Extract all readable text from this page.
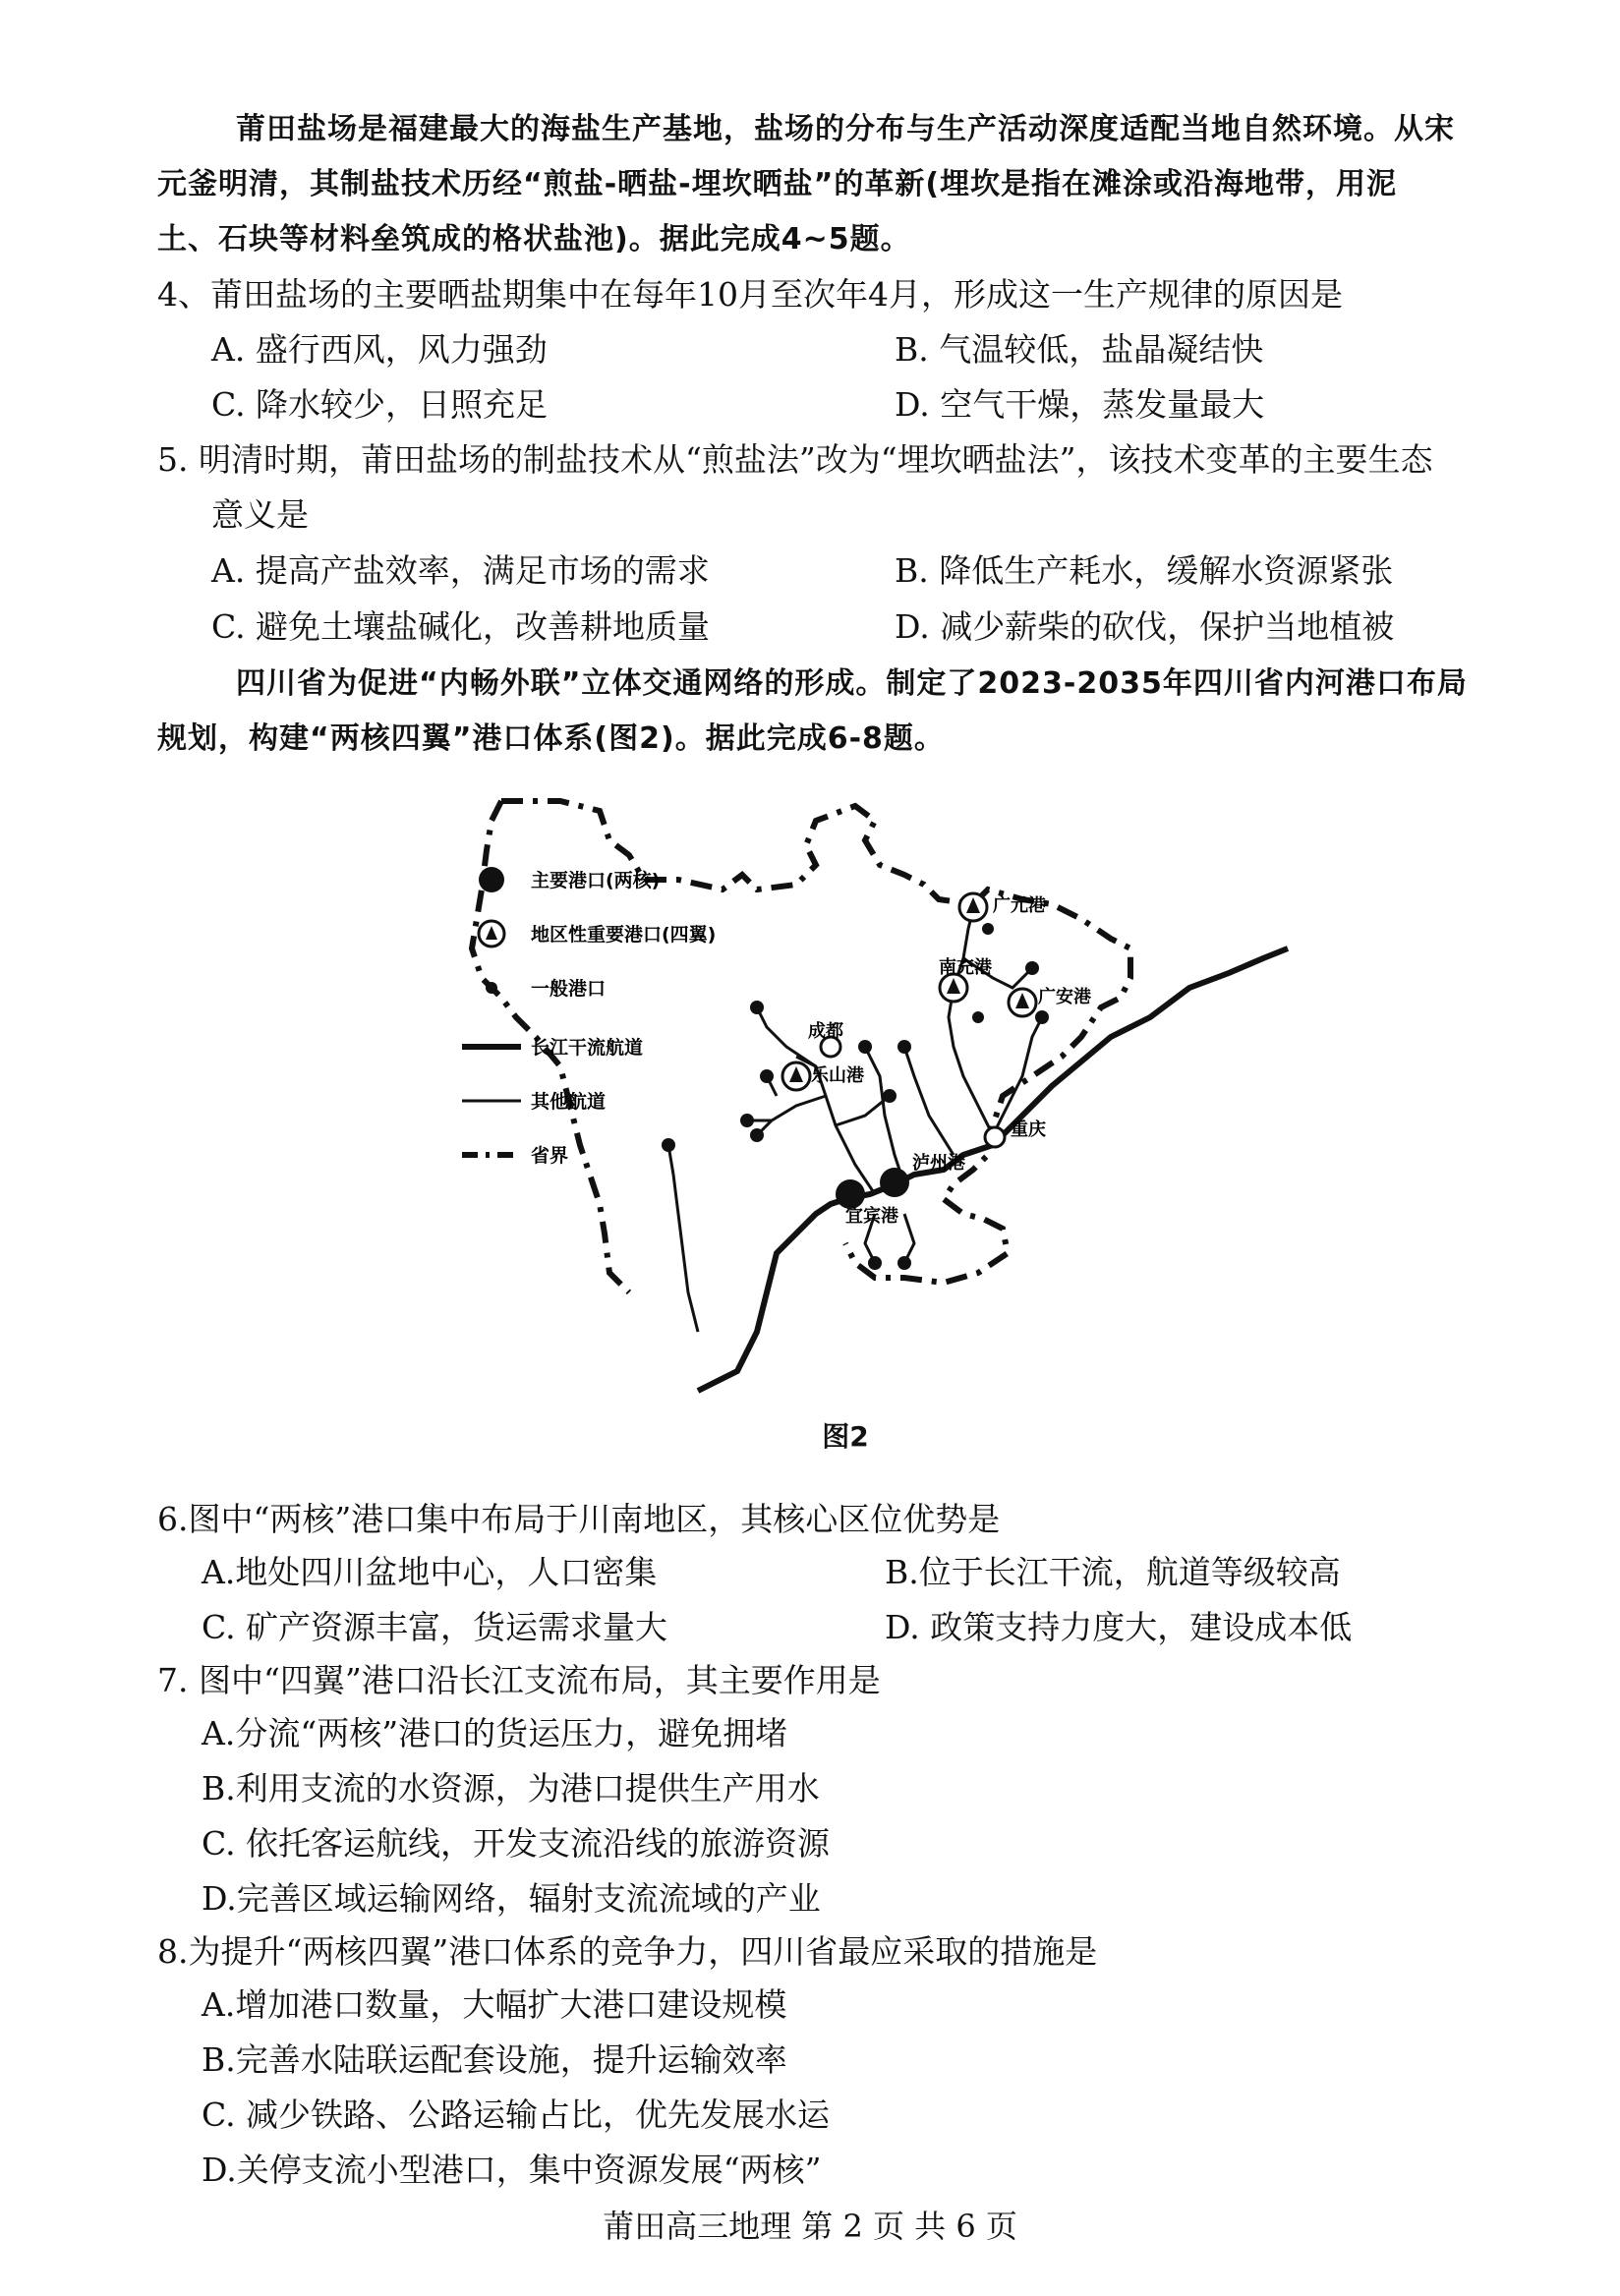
莆田盐场是福建最大的海盐生产基地，盐场的分布与生产活动深度适配当地自然环境。从宋
元釜明清，其制盐技术历经“煎盐-晒盐-埋坎晒盐”的革新(埋坎是指在滩涂或沿海地带，用泥
土、石块等材料垒筑成的格状盐池)。据此完成4~5题。
4、莆田盐场的主要晒盐期集中在每年10月至次年4月，形成这一生产规律的原因是
A. 盛行西风，风力强劲	B. 气温较低，盐晶凝结快
C. 降水较少，日照充足	D. 空气干燥，蒸发量最大
5. 明清时期，莆田盐场的制盐技术从“煎盐法”改为“埋坎晒盐法”，该技术变革的主要生态
意义是
A. 提高产盐效率，满足市场的需求	B. 降低生产耗水，缓解水资源紧张
C. 避免土壤盐碱化，改善耕地质量	D. 减少薪柴的砍伐，保护当地植被
四川省为促进“内畅外联”立体交通网络的形成。制定了2023-2035年四川省内河港口布局
规划，构建“两核四翼”港口体系(图2)。据此完成6-8题。
广元港
成都
南充港
广安港
乐山港
重庆
泸州港
宜宾港
主要港口(两核)
地区性重要港口(四翼)
一般港口
长江干流航道
其他航道
省界
图2
6.图中“两核”港口集中布局于川南地区，其核心区位优势是
A.地处四川盆地中心，人口密集	B.位于长江干流，航道等级较高
C. 矿产资源丰富，货运需求量大	D. 政策支持力度大，建设成本低
7. 图中“四翼”港口沿长江支流布局，其主要作用是
A.分流“两核”港口的货运压力，避免拥堵
B.利用支流的水资源，为港口提供生产用水
C. 依托客运航线，开发支流沿线的旅游资源
D.完善区域运输网络，辐射支流流域的产业
8.为提升“两核四翼”港口体系的竞争力，四川省最应采取的措施是
A.增加港口数量，大幅扩大港口建设规模
B.完善水陆联运配套设施，提升运输效率
C. 减少铁路、公路运输占比，优先发展水运
D.关停支流小型港口，集中资源发展“两核”
莆田高三地理 第 2 页 共 6 页
